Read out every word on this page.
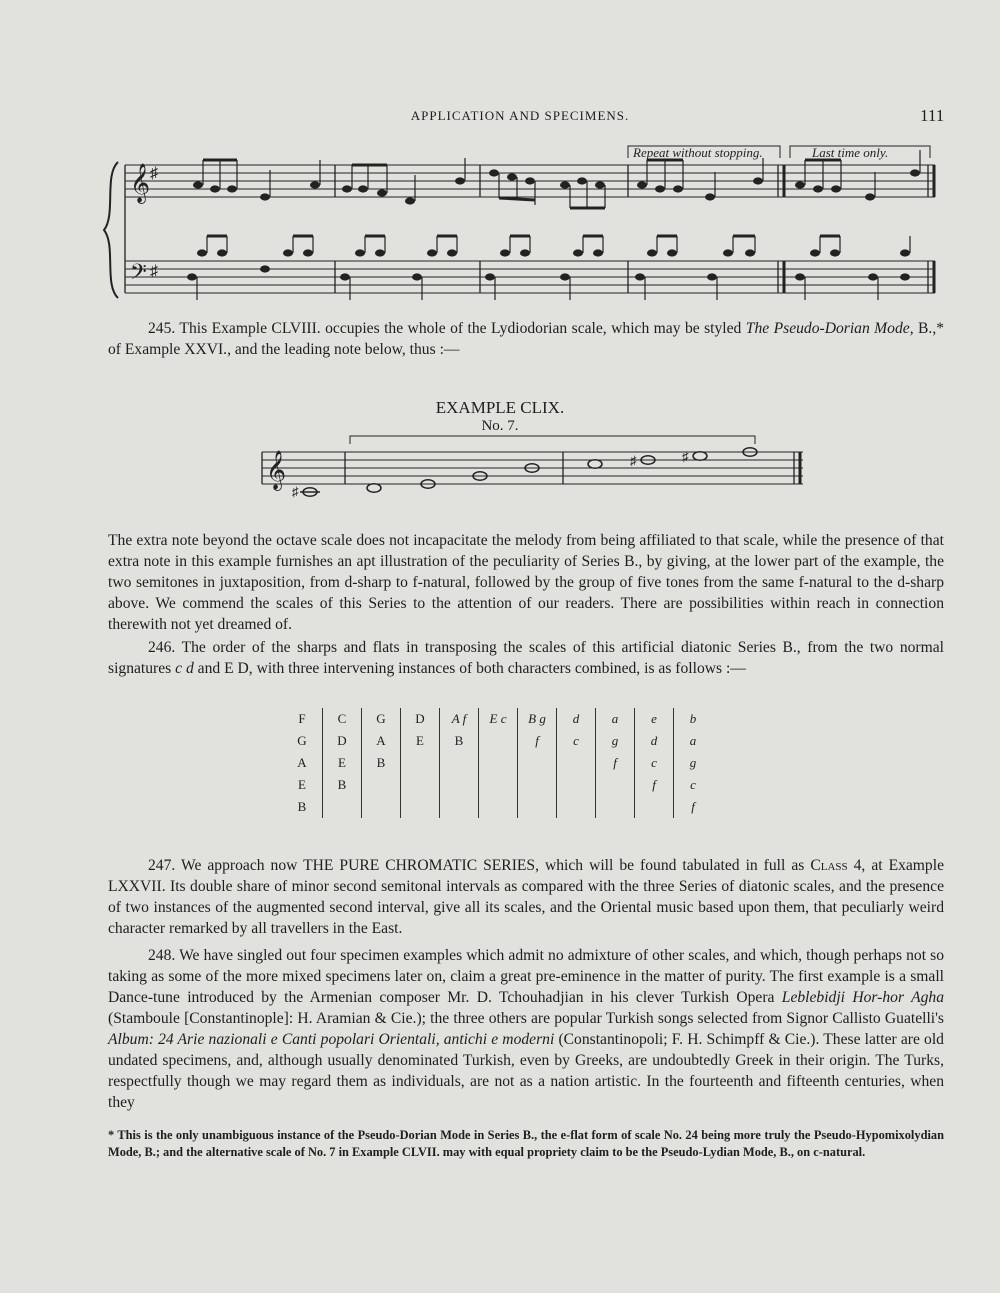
APPLICATION AND SPECIMENS.	111
𝄞
𝄢
♯
♯
Repeat without stopping.	Last time only.
𝄞
♯
♯	♯

245. This Example CLVIII. occupies the whole of the Lydiodorian scale, which may be styled The Pseudo-Dorian Mode, B.,* of Example XXVI., and the leading note below, thus :—

EXAMPLE CLIX.
No. 7.

The extra note beyond the octave scale does not incapacitate the melody from being affiliated to that scale, while the presence of that extra note in this example furnishes an apt illustration of the peculiarity of Series B., by giving, at the lower part of the example, the two semitones in juxtaposition, from d-sharp to f-natural, followed by the group of five tones from the same f-natural to the d-sharp above. We commend the scales of this Series to the attention of our readers. There are possibilities within reach in connection therewith not yet dreamed of.

246. The order of the sharps and flats in transposing the scales of this artificial diatonic Series B., from the two normal signatures c d and E D, with three intervening instances of both characters combined, is as follows :—

F	C	G	D	A f	E c	B g	d	a	e	b
G	D	A	E	B		f	c	g	d	a
A	E	B						f	c	g
E	B								f	c
B										f

247. We approach now THE PURE CHROMATIC SERIES, which will be found tabulated in full as Class 4, at Example LXXVII. Its double share of minor second semitonal intervals as compared with the three Series of diatonic scales, and the presence of two instances of the augmented second interval, give all its scales, and the Oriental music based upon them, that peculiarly weird character remarked by all travellers in the East.

248. We have singled out four specimen examples which admit no admixture of other scales, and which, though perhaps not so taking as some of the more mixed specimens later on, claim a great pre-eminence in the matter of purity. The first example is a small Dance-tune introduced by the Armenian composer Mr. D. Tchouhadjian in his clever Turkish Opera Leblebidji Hor-hor Agha (Stamboule [Constantinople]: H. Aramian & Cie.); the three others are popular Turkish songs selected from Signor Callisto Guatelli's Album: 24 Arie nazionali e Canti popolari Orientali, antichi e moderni (Constantinopoli; F. H. Schimpff & Cie.). These latter are old undated specimens, and, although usually denominated Turkish, even by Greeks, are undoubtedly Greek in their origin. The Turks, respectfully though we may regard them as individuals, are not as a nation artistic. In the fourteenth and fifteenth centuries, when they

* This is the only unambiguous instance of the Pseudo-Dorian Mode in Series B., the e-flat form of scale No. 24 being more truly the Pseudo-Hypomixolydian Mode, B.; and the alternative scale of No. 7 in Example CLVII. may with equal propriety claim to be the Pseudo-Lydian Mode, B., on c-natural.
